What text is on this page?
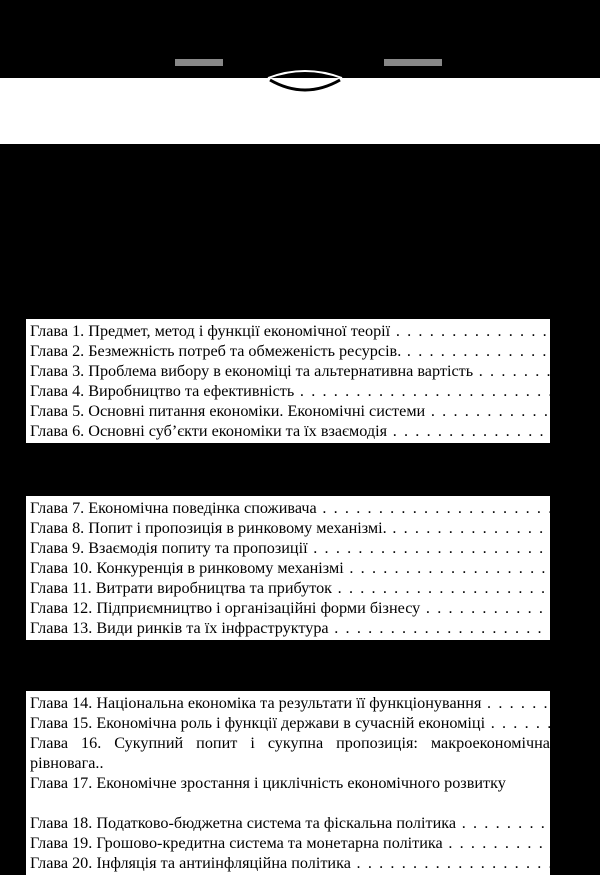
Глава 1. Предмет, метод і функції економічної теорії . . .
Глава 2. Безмежність потреб та обмеженість ресурсів. . . .
Глава 3. Проблема вибору в економіці та альтернативна вартість . . .
Глава 4. Виробництво та ефективність . . .
Глава 5. Основні питання економіки. Економічні системи . . .
Глава 6. Основні суб’єкти економіки та їх взаємодія . . .
Глава 7. Економічна поведінка споживача . . .
Глава 8. Попит і пропозиція в ринковому механізмі. . . .
Глава 9. Взаємодія попиту та пропозиції . . .
Глава 10. Конкуренція в ринковому механізмі . . .
Глава 11. Витрати виробництва та прибуток . . .
Глава 12. Підприємництво і організаційні форми бізнесу . . .
Глава 13. Види ринків та їх інфраструктура . . .
Глава 14. Національна економіка та результати її функціонування . . .
Глава 15. Економічна роль і функції держави в сучасній економіці . . .
Глава 16. Сукупний попит і сукупна пропозиція: макроекономічна рівновага..
Глава 17. Економічне зростання і циклічність економічного розвитку
Глава 18. Податково-бюджетна система та фіскальна політика . . .
Глава 19. Грошово-кредитна система та монетарна політика . . .
Глава 20. Інфляція та антиінфляційна політика . . .
